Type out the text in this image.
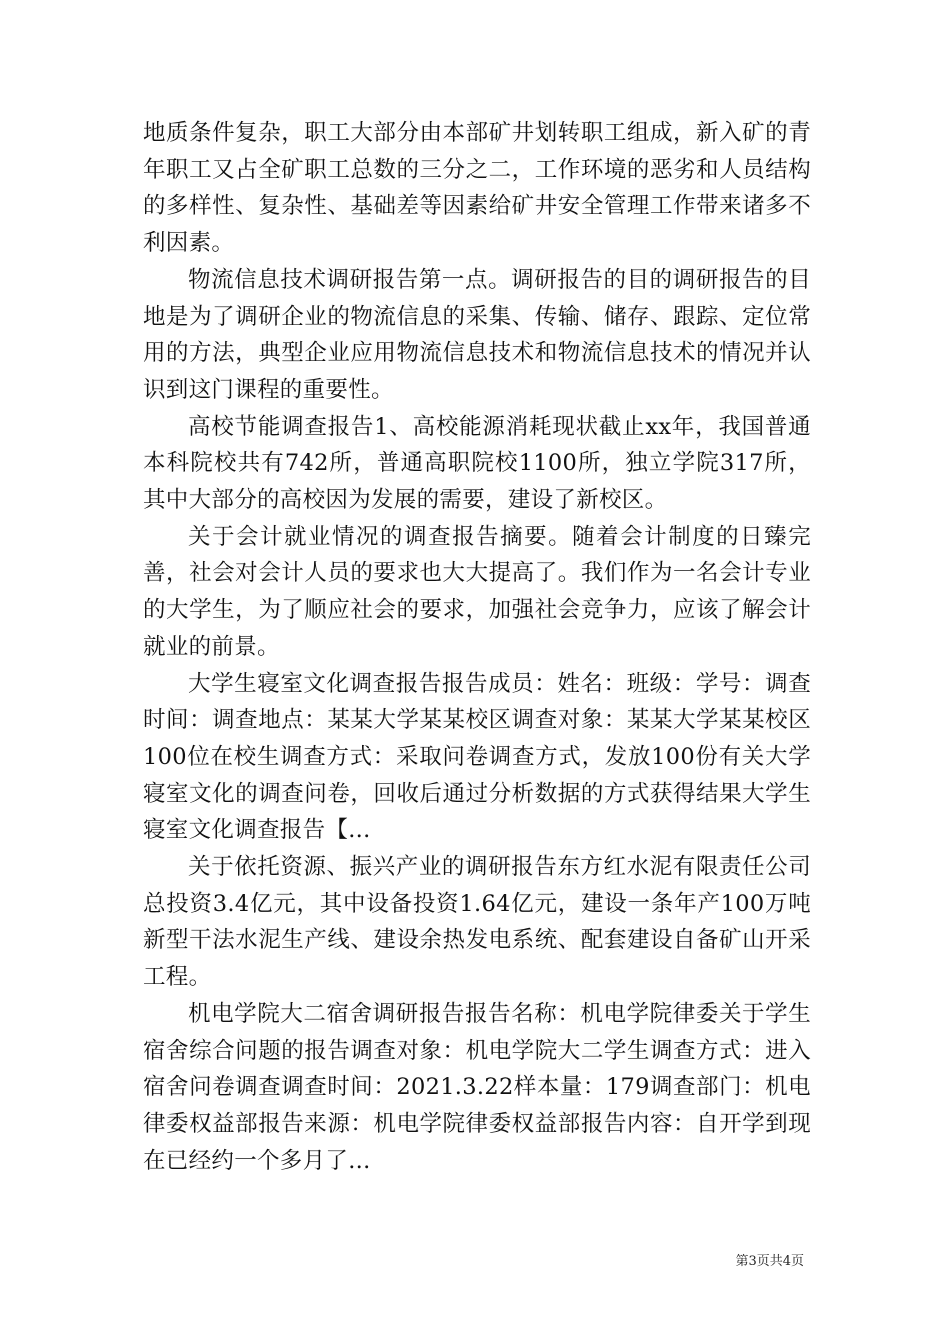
地质条件复杂，职工大部分由本部矿井划转职工组成，新入矿的青年职工又占全矿职工总数的三分之二，工作环境的恶劣和人员结构的多样性、复杂性、基础差等因素给矿井安全管理工作带来诸多不利因素。

物流信息技术调研报告第一点。调研报告的目的调研报告的目地是为了调研企业的物流信息的采集、传输、储存、跟踪、定位常用的方法，典型企业应用物流信息技术和物流信息技术的情况并认识到这门课程的重要性。

高校节能调查报告1、高校能源消耗现状截止xx年，我国普通本科院校共有742所，普通高职院校1100所，独立学院317所，其中大部分的高校因为发展的需要，建设了新校区。

关于会计就业情况的调查报告摘要。随着会计制度的日臻完善，社会对会计人员的要求也大大提高了。我们作为一名会计专业的大学生，为了顺应社会的要求，加强社会竞争力，应该了解会计就业的前景。

大学生寝室文化调查报告报告成员：姓名：班级：学号：调查时间：调查地点：某某大学某某校区调查对象：某某大学某某校区100位在校生调查方式：采取问卷调查方式，发放100份有关大学寝室文化的调查问卷，回收后通过分析数据的方式获得结果大学生寝室文化调查报告【...

关于依托资源、振兴产业的调研报告东方红水泥有限责任公司总投资3.4亿元，其中设备投资1.64亿元，建设一条年产100万吨新型干法水泥生产线、建设余热发电系统、配套建设自备矿山开采工程。

机电学院大二宿舍调研报告报告名称：机电学院律委关于学生宿舍综合问题的报告调查对象：机电学院大二学生调查方式：进入宿舍问卷调查调查时间：2021.3.22样本量：179调查部门：机电律委权益部报告来源：机电学院律委权益部报告内容：自开学到现在已经约一个多月了...

第3页共4页
